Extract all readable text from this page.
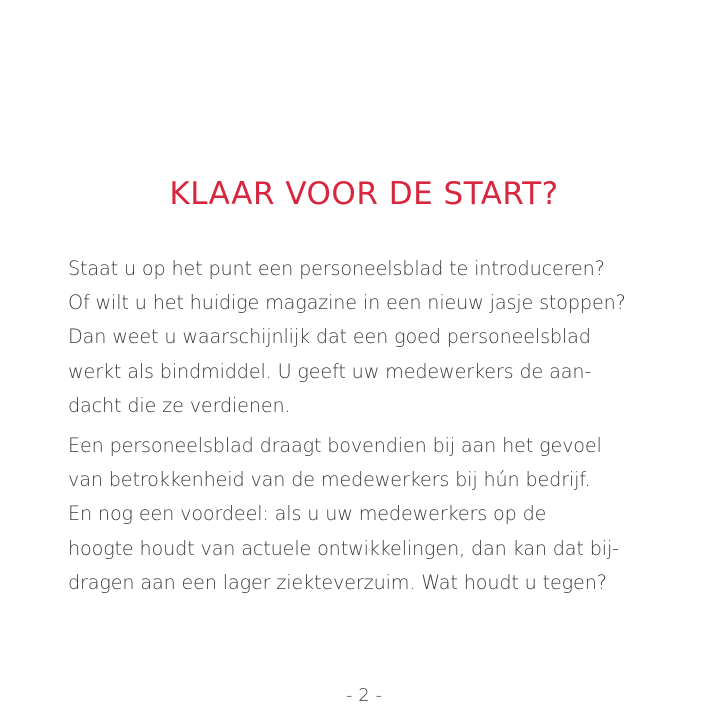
KLAAR VOOR DE START?
Staat u op het punt een personeelsblad te introduceren?
Of wilt u het huidige magazine in een nieuw jasje stoppen?
Dan weet u waarschijnlijk dat een goed personeelsblad
werkt als bindmiddel. U geeft uw medewerkers de aan-
dacht die ze verdienen.
Een personeelsblad draagt bovendien bij aan het gevoel
van betrokkenheid van de medewerkers bij hún bedrijf.
En nog een voordeel: als u uw medewerkers op de
hoogte houdt van actuele ontwikkelingen, dan kan dat bij-
dragen aan een lager ziekteverzuim. Wat houdt u tegen?
- 2 -
